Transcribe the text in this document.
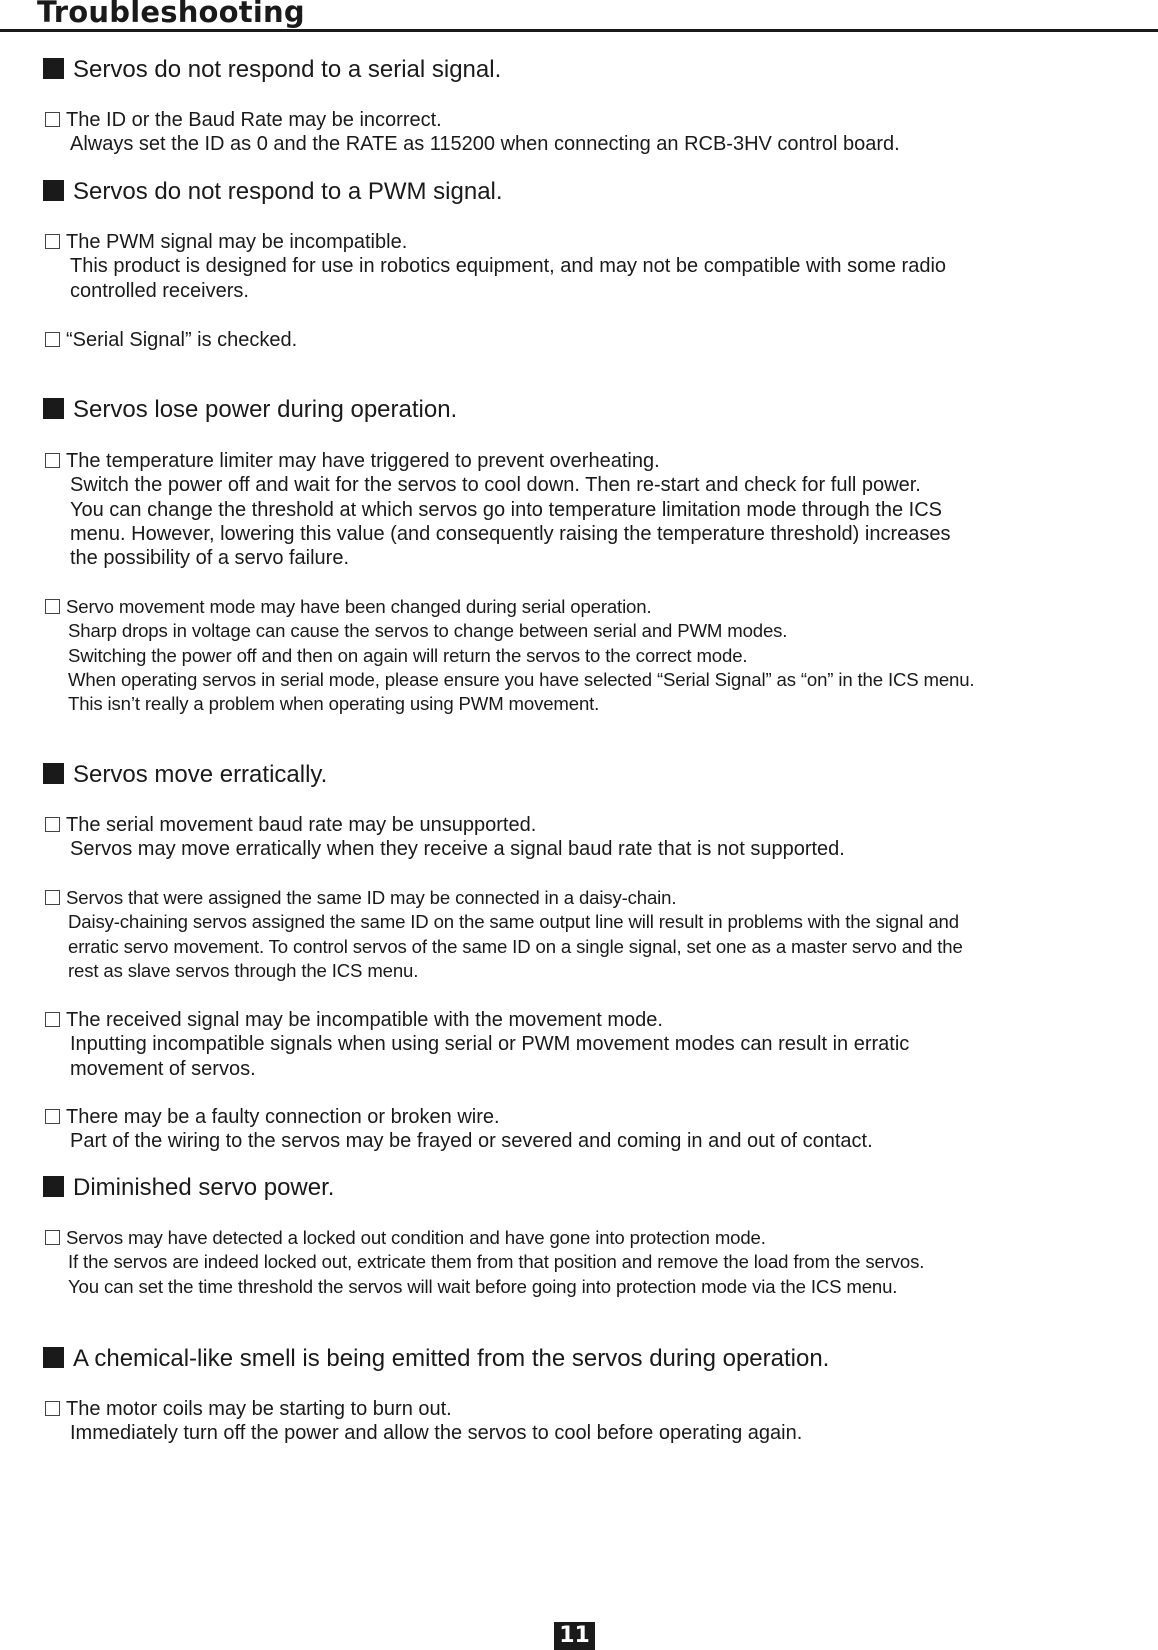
Troubleshooting
Servos do not respond to a serial signal.
The ID or the Baud Rate may be incorrect.
Always set the ID as 0 and the RATE as 115200 when connecting an RCB-3HV control board.
Servos do not respond to a PWM signal.
The PWM signal may be incompatible.
This product is designed for use in robotics equipment, and may not be compatible with some radio
controlled receivers.
“Serial Signal” is checked.
Servos lose power during operation.
The temperature limiter may have triggered to prevent overheating.
Switch the power off and wait for the servos to cool down. Then re-start and check for full power.
You can change the threshold at which servos go into temperature limitation mode through the ICS
menu. However, lowering this value (and consequently raising the temperature threshold) increases
the possibility of a servo failure.
Servo movement mode may have been changed during serial operation.
Sharp drops in voltage can cause the servos to change between serial and PWM modes.
Switching the power off and then on again will return the servos to the correct mode.
When operating servos in serial mode, please ensure you have selected “Serial Signal” as “on” in the ICS menu.
This isn’t really a problem when operating using PWM movement.
Servos move erratically.
The serial movement baud rate may be unsupported.
Servos may move erratically when they receive a signal baud rate that is not supported.
Servos that were assigned the same ID may be connected in a daisy-chain.
Daisy-chaining servos assigned the same ID on the same output line will result in problems with the signal and
erratic servo movement. To control servos of the same ID on a single signal, set one as a master servo and the
rest as slave servos through the ICS menu.
The received signal may be incompatible with the movement mode.
Inputting incompatible signals when using serial or PWM movement modes can result in erratic
movement of servos.
There may be a faulty connection or broken wire.
Part of the wiring to the servos may be frayed or severed and coming in and out of contact.
Diminished servo power.
Servos may have detected a locked out condition and have gone into protection mode.
If the servos are indeed locked out, extricate them from that position and remove the load from the servos.
You can set the time threshold the servos will wait before going into protection mode via the ICS menu.
A chemical-like smell is being emitted from the servos during operation.
The motor coils may be starting to burn out.
Immediately turn off the power and allow the servos to cool before operating again.
11
